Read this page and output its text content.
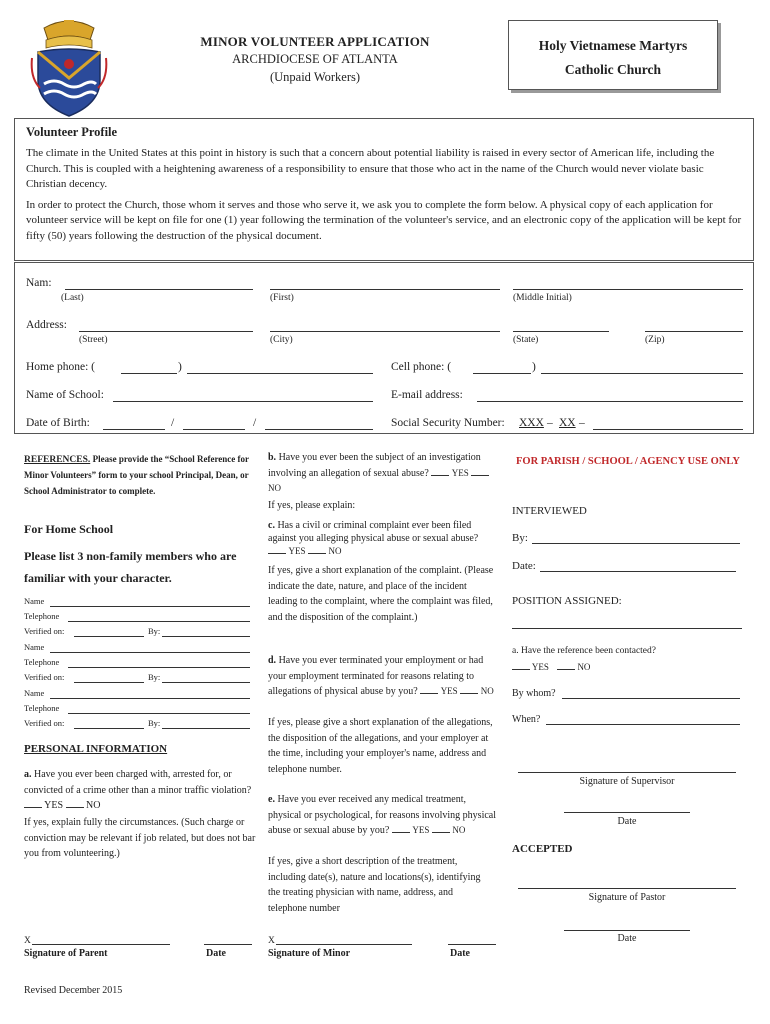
MINOR VOLUNTEER APPLICATION
ARCHDIOCESE OF ATLANTA
(Unpaid Workers)
Holy Vietnamese Martyrs
Catholic Church
Volunteer Profile

The climate in the United States at this point in history is such that a concern about potential liability is raised in every sector of American life, including the Church. This is coupled with a heightening awareness of a responsibility to ensure that those who act in the name of the Church would never violate basic Christian decency.

In order to protect the Church, those whom it serves and those who serve it, we ask you to complete the form below. A physical copy of each application for volunteer service will be kept on file for one (1) year following the termination of the volunteer's service, and an electronic copy of the application will be kept for fifty (50) years following the destruction of the physical document.

Nam:
(Last)	(First)	(Middle Initial)
Address:
(Street)	(City)	(State)	(Zip)
Home phone: (	)	Cell phone: (	)
Name of School:	E-mail address:
Date of Birth:	/	/	Social Security Number: XXX – XX –
REFERENCES. Please provide the “School Reference for Minor Volunteers” form to your school Principal, Dean, or School Administrator to complete.
For Home School
Please list 3 non-family members who are familiar with your character.
Name
Telephone
Verified on:	By:
Name
Telephone
Verified on:	By:
Name
Telephone
Verified on:	By:
PERSONAL INFORMATION
a. Have you ever been charged with, arrested for, or convicted of a crime other than a minor traffic violation?  YES NO
If yes, explain fully the circumstances. (Such charge or conviction may be relevant if job related, but does not bar you from volunteering.)
X
Signature of Parent	Date
Revised December 2015
b. Have you ever been the subject of an investigation involving an allegation of sexual abuse?	YES  NO
If yes, please explain:
c. Has a civil or criminal complaint ever been filed against you alleging physical abuse or sexual abuse?  YES	NO
If yes, give a short explanation of the complaint. (Please indicate the date, nature, and place of the incident leading to the complaint, where the complaint was filed, and the disposition of the complaint.)
d. Have you ever terminated your employment or had your employment terminated for reasons relating to allegations of physical abuse by you?	YES	NO
If yes, please give a short explanation of the allegations, the disposition of the allegations, and your employer at the time, including your employer's name, address and telephone number.
e. Have you ever received any medical treatment, physical or psychological, for reasons involving physical abuse or sexual abuse by you?	YES	NO
If yes, give a short description of the treatment, including date(s), nature and locations(s), identifying the treating physician with name, address, and telephone number
X
Signature of Minor	Date
FOR PARISH / SCHOOL / AGENCY USE ONLY
INTERVIEWED
By:
Date:
POSITION ASSIGNED:
a. Have the reference been contacted?
YES	NO
By whom?
When?
Signature of Supervisor
Date
ACCEPTED
Signature of Pastor
Date
